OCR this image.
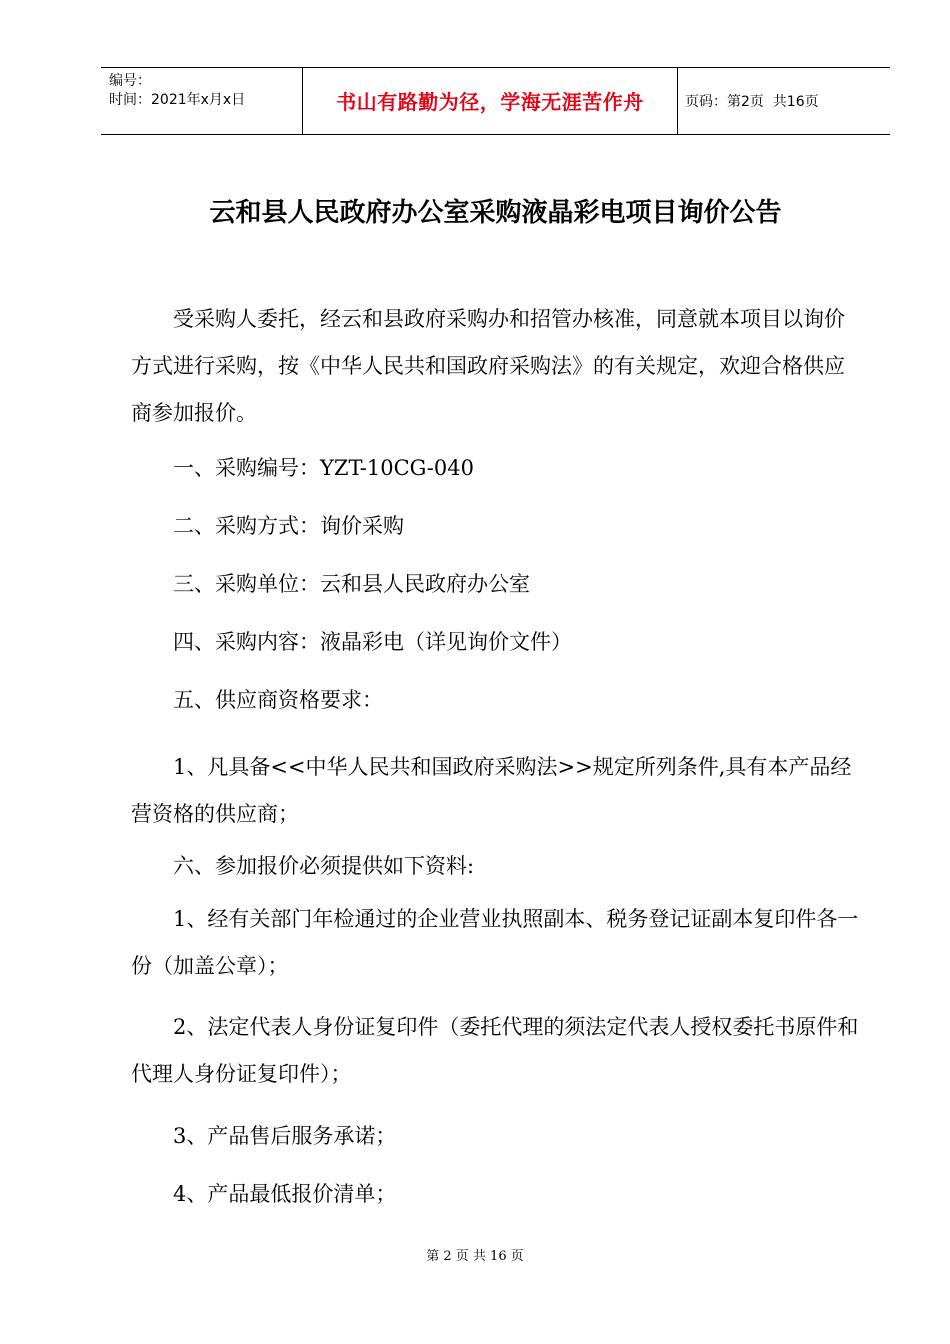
编号：
时间：2021年x月x日	书山有路勤为径，学海无涯苦作舟	页码：第2页  共16页
云和县人民政府办公室采购液晶彩电项目询价公告

受采购人委托，经云和县政府采购办和招管办核准，同意就本项目以询价方式进行采购，按《中华人民共和国政府采购法》的有关规定，欢迎合格供应商参加报价。

一、采购编号：YZT-10CG-040

二、采购方式：询价采购

三、采购单位：云和县人民政府办公室

四、采购内容：液晶彩电（详见询价文件）

五、供应商资格要求：

1、凡具备<<中华人民共和国政府采购法>>规定所列条件,具有本产品经营资格的供应商；

六、参加报价必须提供如下资料:

1、经有关部门年检通过的企业营业执照副本、税务登记证副本复印件各一份（加盖公章）；

2、法定代表人身份证复印件（委托代理的须法定代表人授权委托书原件和代理人身份证复印件）；

3、产品售后服务承诺；

4、产品最低报价清单；

第 2 页 共 16 页
